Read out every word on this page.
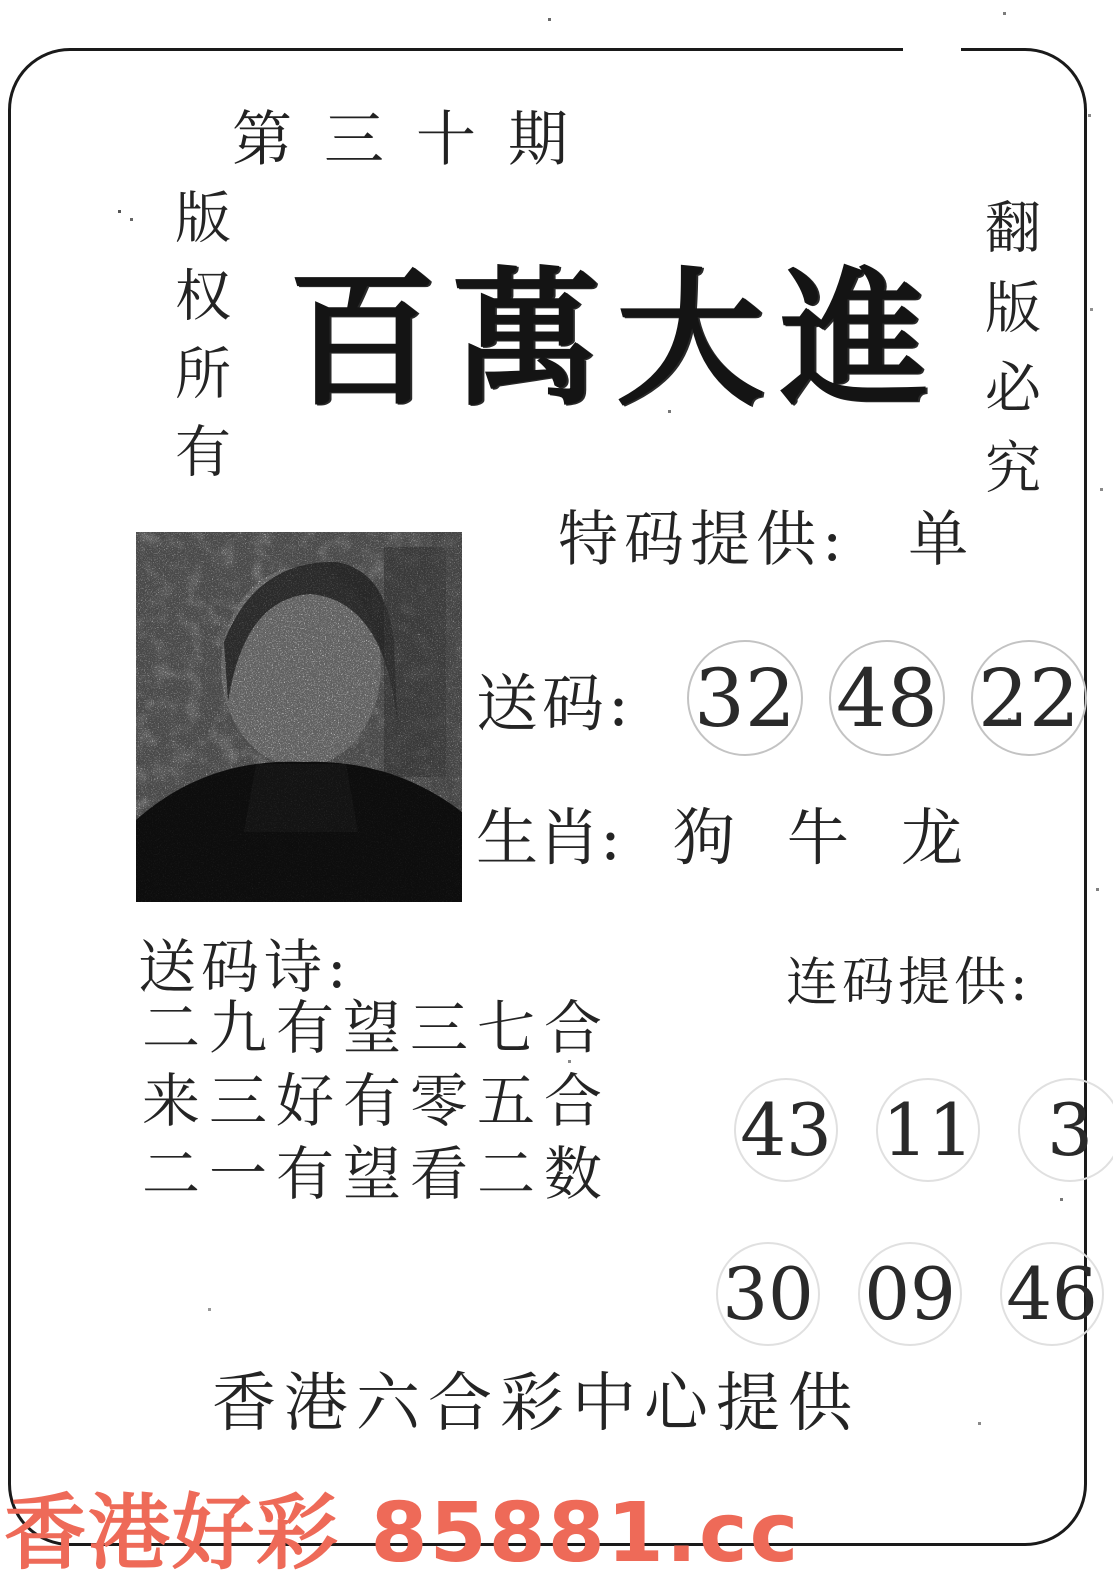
第三十期
版权所有 百萬大進 翻版必究
特码提供: 单
送码: 32 48 22
生肖: 狗 牛 龙
送码诗:
二九有望三七合
来三好有零五合
二一有望看二数
连码提供:
43 11 3
30 09 46
香港六合彩中心提供
香港好彩 85881.cc
